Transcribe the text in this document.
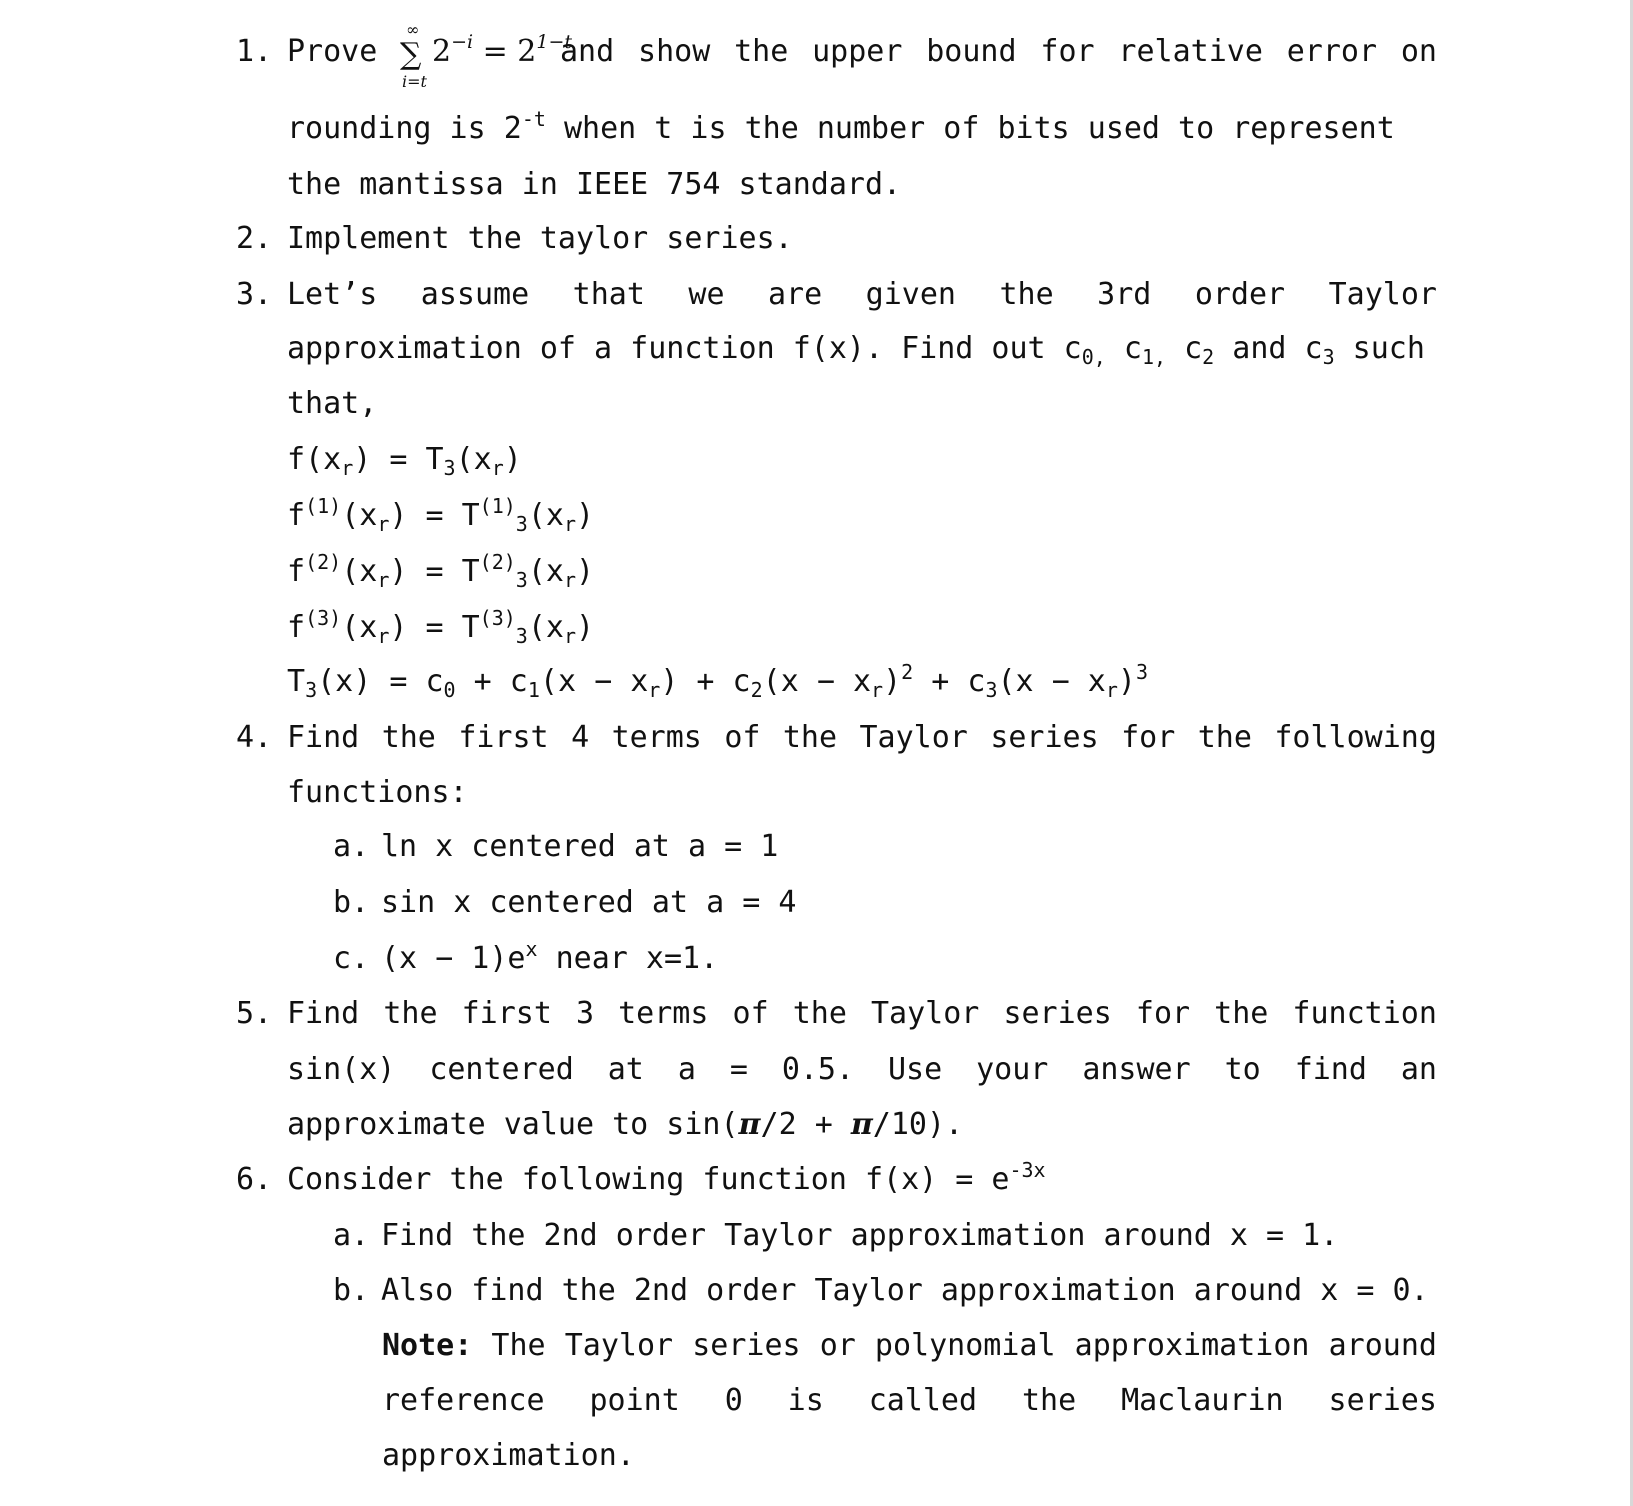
1. Prove
∞
∑
i=t
$2^{-i} = 2^{1-t}$
and show the upper bound for relative error on
rounding is $2^{-t}$ when t is the number of bits used to represent
the mantissa in IEEE 754 standard.
2. Implement the taylor series.
3. Let’s assume that we are given the 3rd order Taylor
approximation of a function f(x). Find out $c_{0,}$ $c_{1,}$ $c_2$ and $c_3$ such
that,
$f(x_r) = T_3(x_r)$
$f^{(1)}(x_r) = T^{(1)}_3(x_r)$
$f^{(2)}(x_r) = T^{(2)}_3(x_r)$
$f^{(3)}(x_r) = T^{(3)}_3(x_r)$
$T_3(x) = c_0 + c_1(x - x_r) + c_2(x - x_r)^2 + c_3(x - x_r)^3$
4. Find the first 4 terms of the Taylor series for the following
functions:
a. ln x centered at a = 1
b. sin x centered at a = 4
c. $(x - 1)e^x$ near x=1.
5. Find the first 3 terms of the Taylor series for the function
sin(x) centered at a = 0.5. Use your answer to find an
approximate value to sin(π/2 + π/10).
6. Consider the following function $f(x) = e^{-3x}$
a. Find the 2nd order Taylor approximation around x = 1.
b. Also find the 2nd order Taylor approximation around x = 0.
Note: The Taylor series or polynomial approximation around
reference point 0 is called the Maclaurin series
approximation.
